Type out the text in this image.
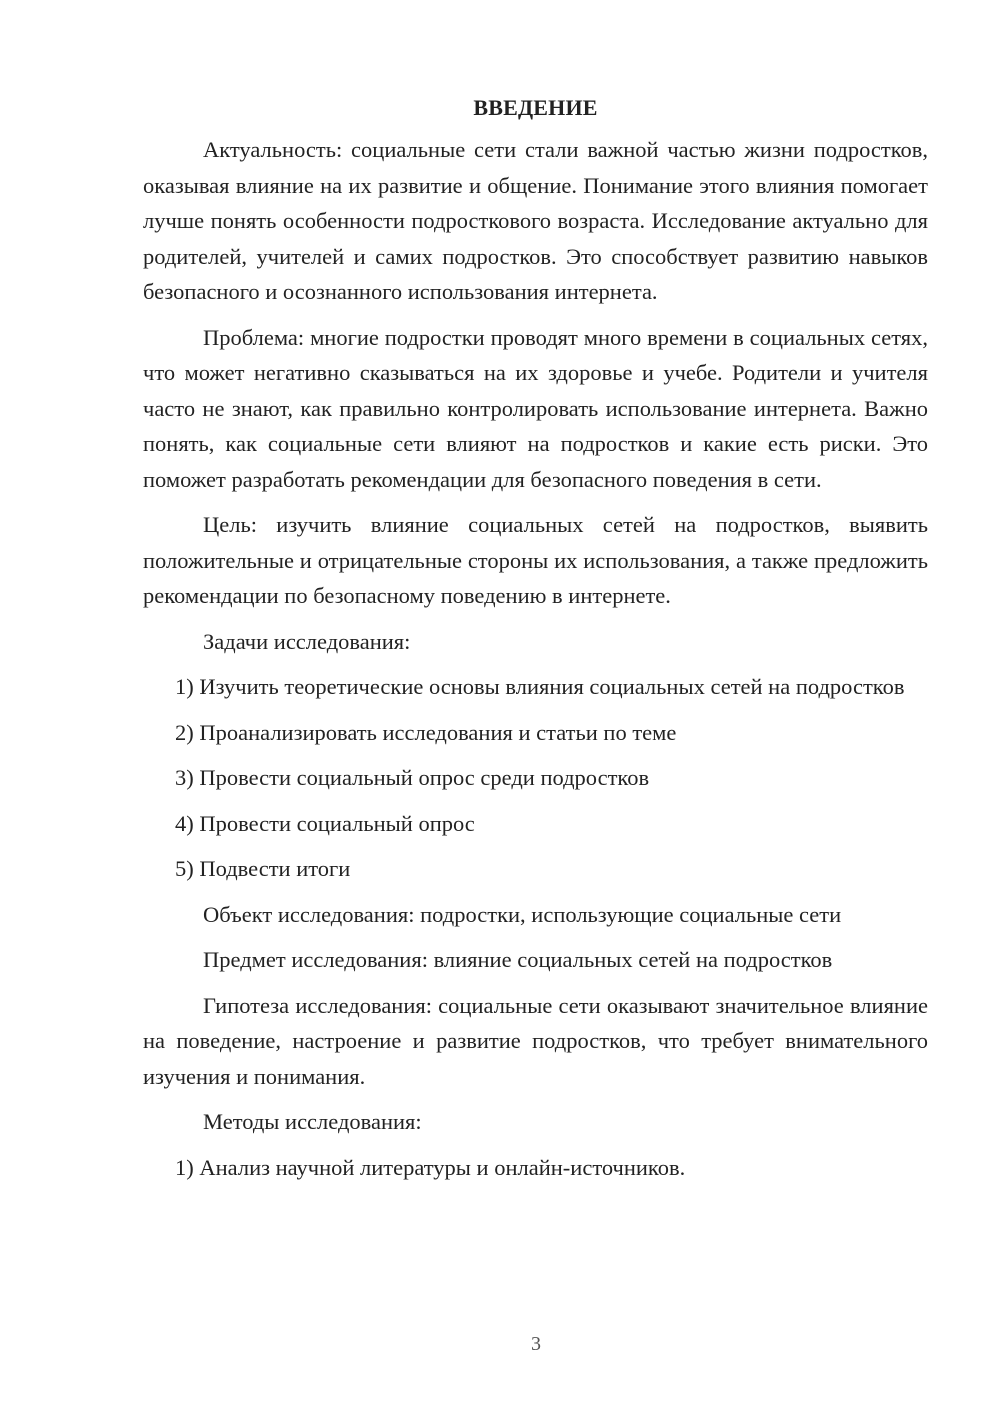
ВВЕДЕНИЕ

Актуальность: социальные сети стали важной частью жизни подростков, оказывая влияние на их развитие и общение. Понимание этого влияния помогает лучше понять особенности подросткового возраста. Исследование актуально для родителей, учителей и самих подростков. Это способствует развитию навыков безопасного и осознанного использования интернета.

Проблема: многие подростки проводят много времени в социальных сетях, что может негативно сказываться на их здоровье и учебе. Родители и учителя часто не знают, как правильно контролировать использование интернета. Важно понять, как социальные сети влияют на подростков и какие есть риски. Это поможет разработать рекомендации для безопасного поведения в сети.

Цель: изучить влияние социальных сетей на подростков, выявить положительные и отрицательные стороны их использования, а также предложить рекомендации по безопасному поведению в интернете.

Задачи исследования:

1) Изучить теоретические основы влияния социальных сетей на подростков

2) Проанализировать исследования и статьи по теме

3) Провести социальный опрос среди подростков

4) Провести социальный опрос

5) Подвести итоги

Объект исследования: подростки, использующие социальные сети

Предмет исследования: влияние социальных сетей на подростков

Гипотеза исследования: социальные сети оказывают значительное влияние на поведение, настроение и развитие подростков, что требует внимательного изучения и понимания.

Методы исследования:

1) Анализ научной литературы и онлайн-источников.

3
